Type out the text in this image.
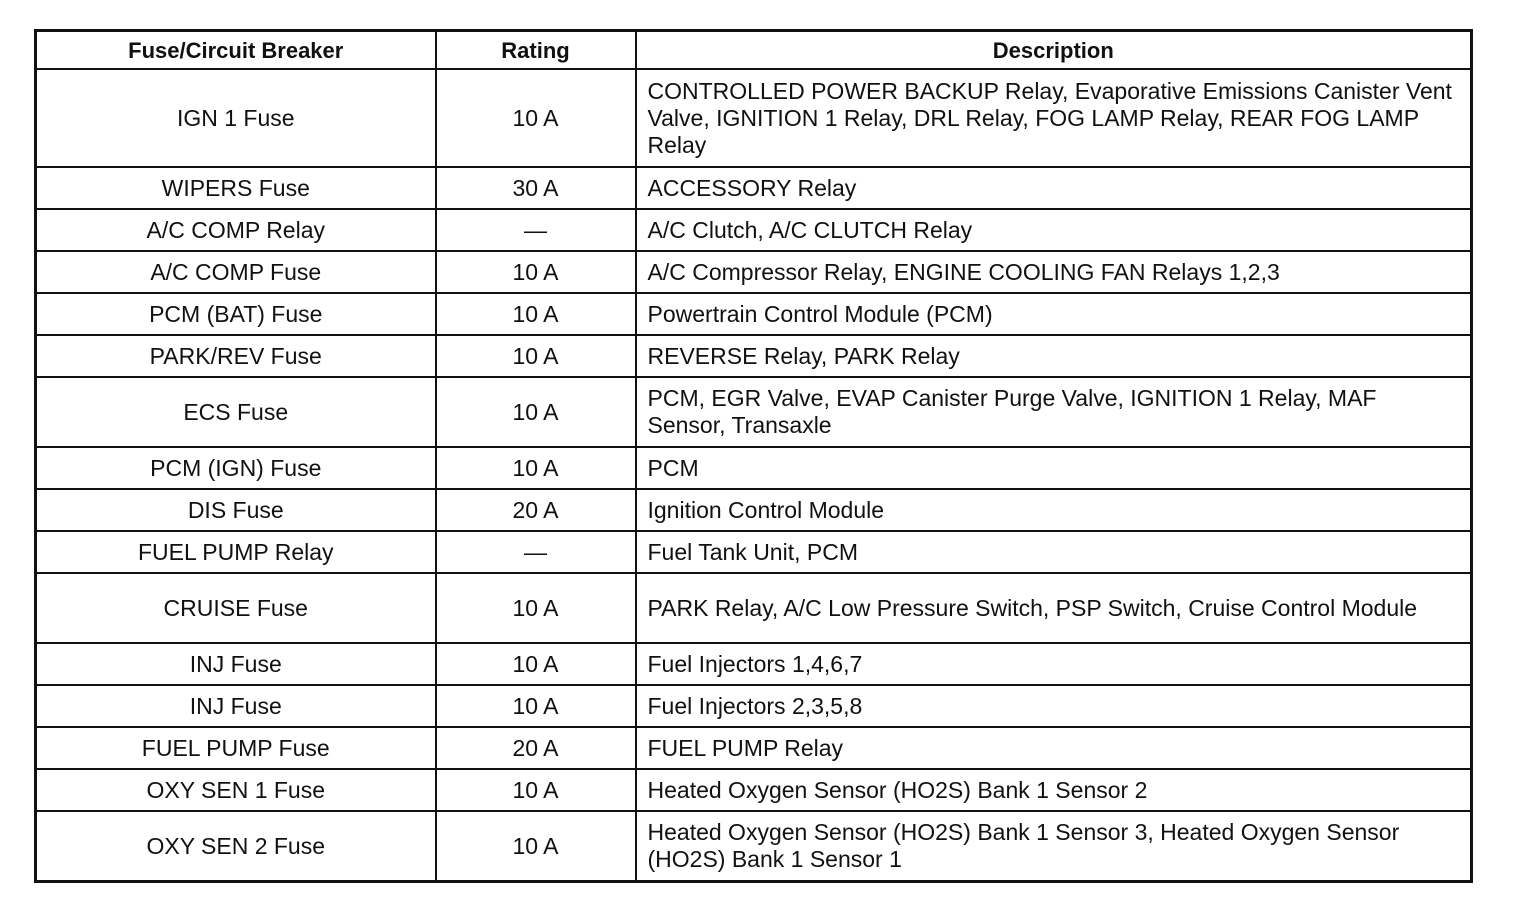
Fuse/Circuit Breaker	Rating	Description
IGN 1 Fuse	10 A	CONTROLLED POWER BACKUP Relay, Evaporative Emissions Canister Vent Valve, IGNITION 1 Relay, DRL Relay, FOG LAMP Relay, REAR FOG LAMP Relay
WIPERS Fuse	30 A	ACCESSORY Relay
A/C COMP Relay	—	A/C Clutch, A/C CLUTCH Relay
A/C COMP Fuse	10 A	A/C Compressor Relay, ENGINE COOLING FAN Relays 1,2,3
PCM (BAT) Fuse	10 A	Powertrain Control Module (PCM)
PARK/REV Fuse	10 A	REVERSE Relay, PARK Relay
ECS Fuse	10 A	PCM, EGR Valve, EVAP Canister Purge Valve, IGNITION 1 Relay, MAF Sensor, Transaxle
PCM (IGN) Fuse	10 A	PCM
DIS Fuse	20 A	Ignition Control Module
FUEL PUMP Relay	—	Fuel Tank Unit, PCM
CRUISE Fuse	10 A	PARK Relay, A/C Low Pressure Switch, PSP Switch, Cruise Control Module
INJ Fuse	10 A	Fuel Injectors 1,4,6,7
INJ Fuse	10 A	Fuel Injectors 2,3,5,8
FUEL PUMP Fuse	20 A	FUEL PUMP Relay
OXY SEN 1 Fuse	10 A	Heated Oxygen Sensor (HO2S) Bank 1 Sensor 2
OXY SEN 2 Fuse	10 A	Heated Oxygen Sensor (HO2S) Bank 1 Sensor 3, Heated Oxygen Sensor (HO2S) Bank 1 Sensor 1
